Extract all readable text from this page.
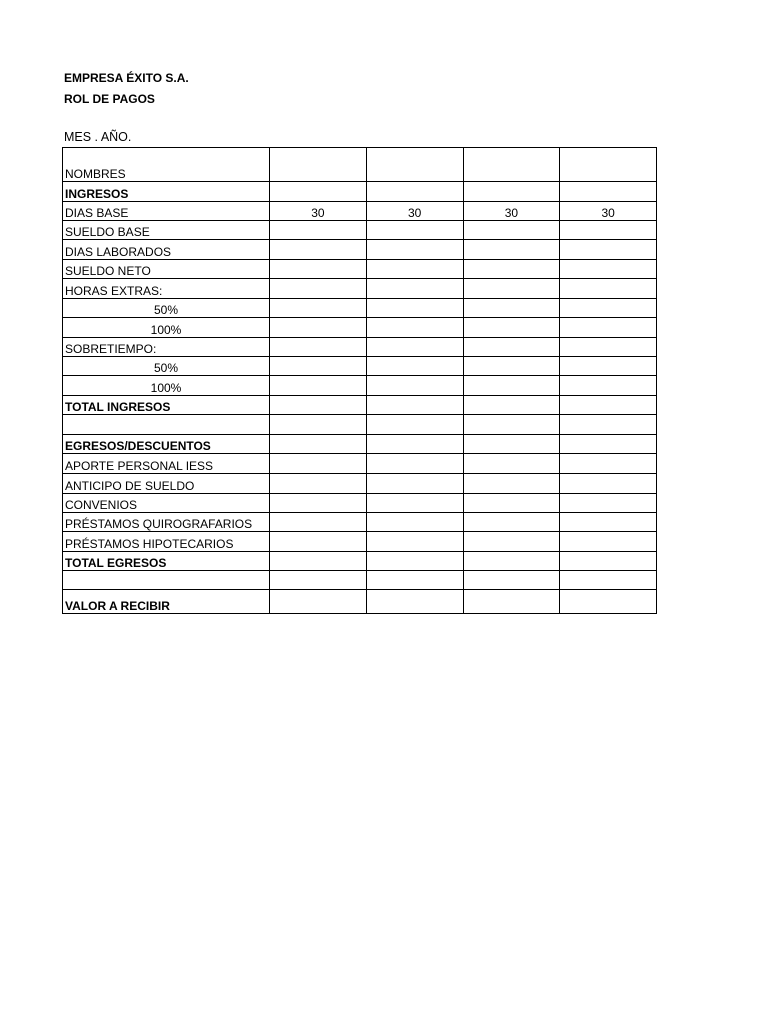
EMPRESA ÉXITO S.A.
ROL DE PAGOS
MES . AÑO.
NOMBRES				
INGRESOS				
DIAS BASE	30	30	30	30
SUELDO BASE				
DIAS LABORADOS				
SUELDO NETO				
HORAS EXTRAS:				
50%				
100%				
SOBRETIEMPO:				
50%				
100%				
TOTAL INGRESOS				

EGRESOS/DESCUENTOS				
APORTE PERSONAL IESS				
ANTICIPO DE SUELDO				
CONVENIOS				
PRÉSTAMOS QUIROGRAFARIOS				
PRÉSTAMOS HIPOTECARIOS				
TOTAL EGRESOS				

VALOR A RECIBIR				
